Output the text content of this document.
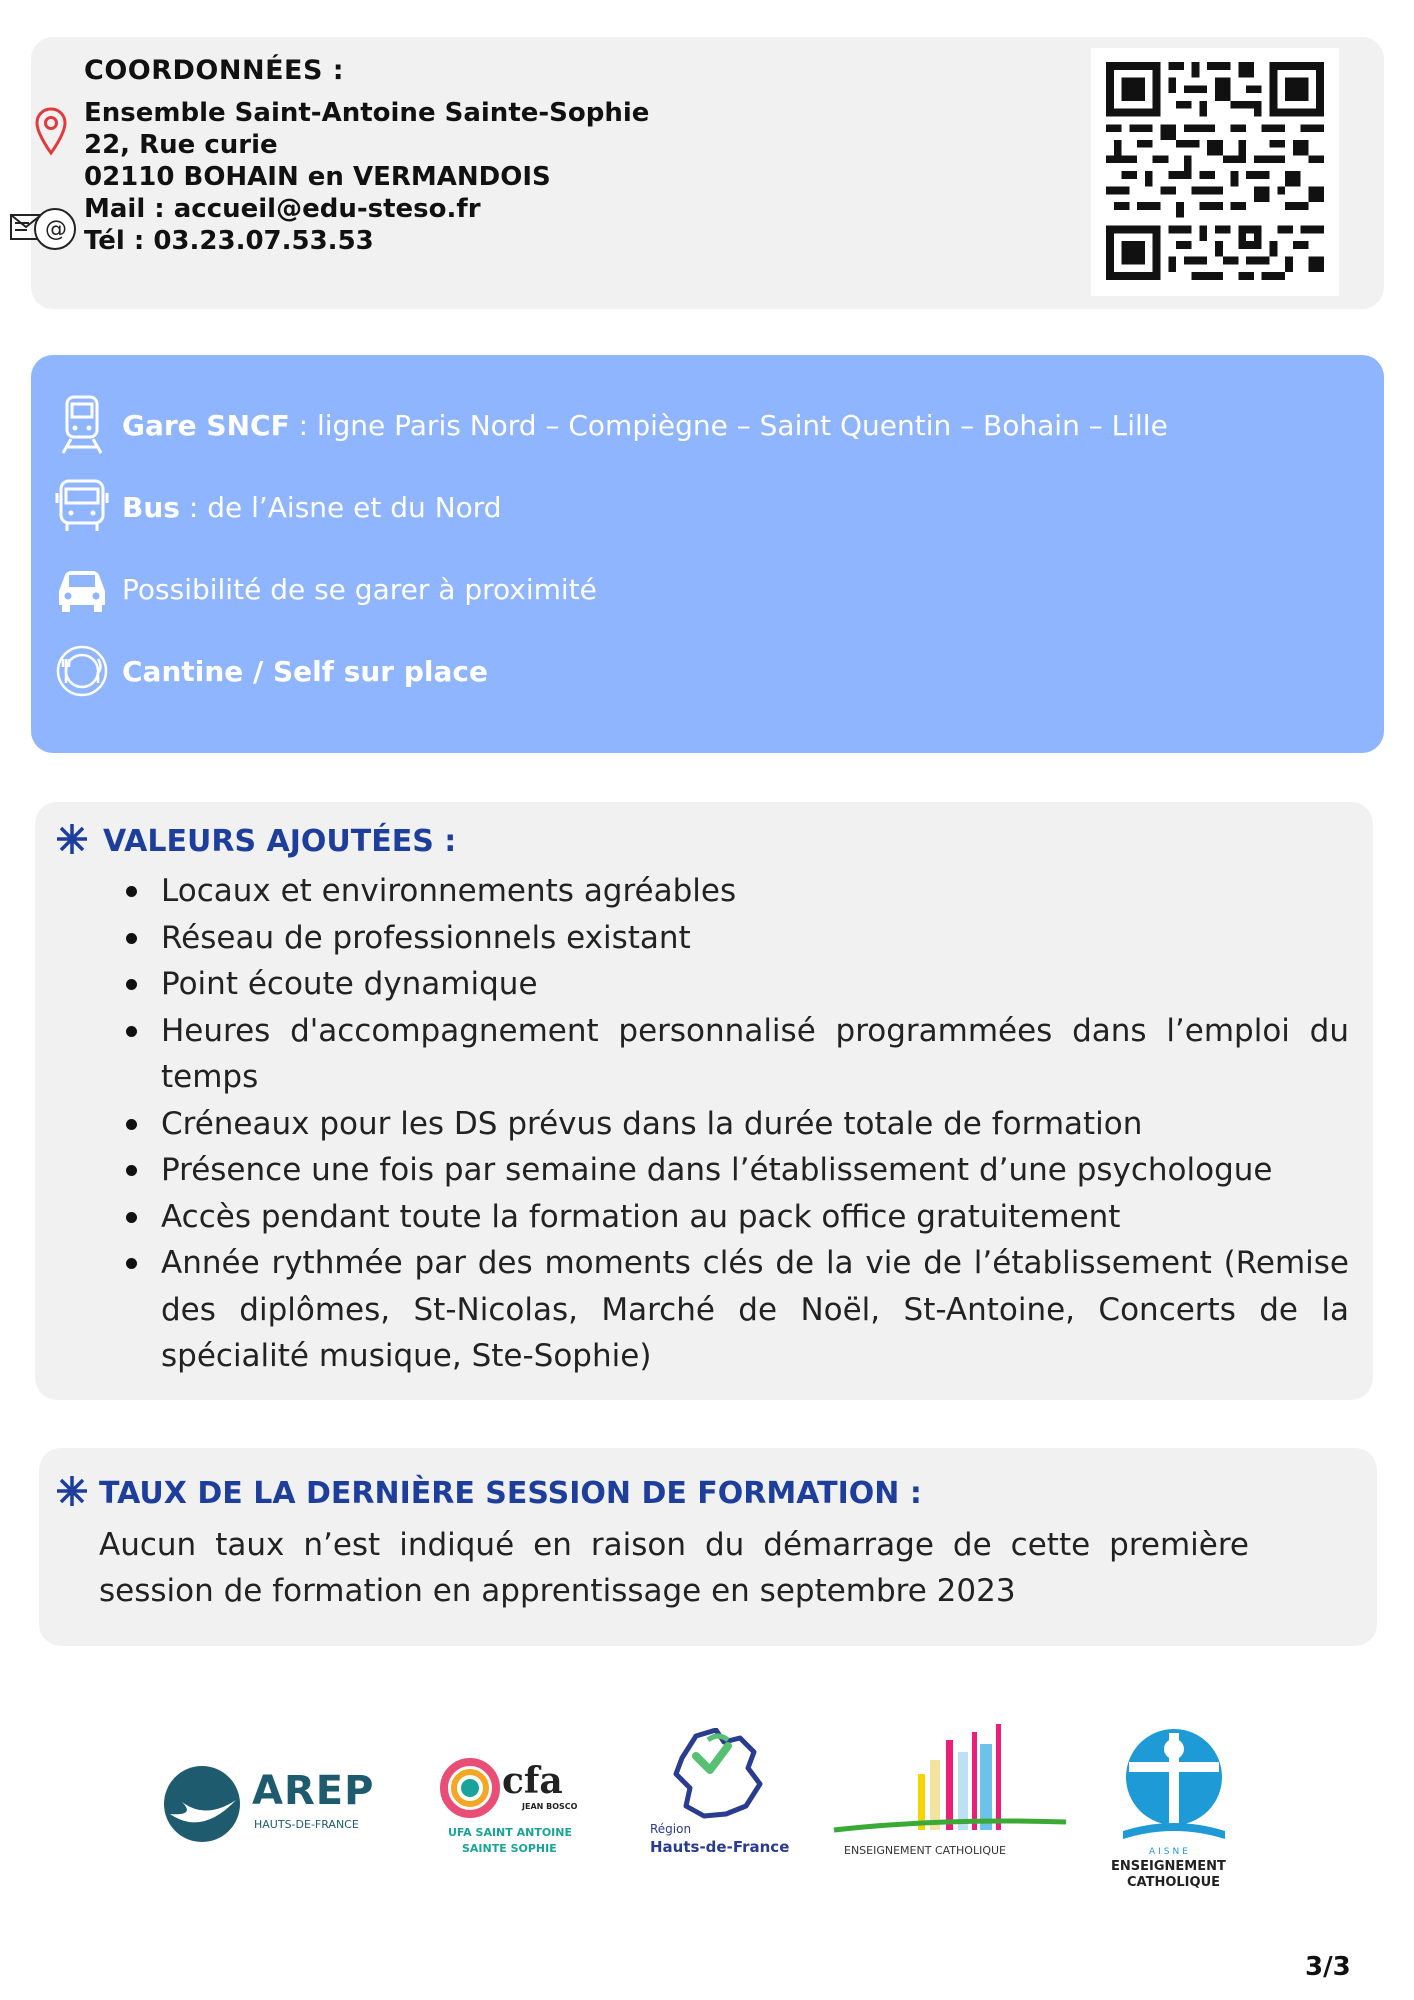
COORDONNÉES :
@
Ensemble Saint-Antoine Sainte-Sophie
22, Rue curie
02110 BOHAIN en VERMANDOIS
Mail : accueil@edu-steso.fr
Tél : 03.23.07.53.53
Gare SNCF : ligne Paris Nord – Compiègne – Saint Quentin – Bohain – Lille
Bus : de l’Aisne et du Nord
Possibilité de se garer à proximité
Cantine / Self sur place
VALEURS AJOUTÉES :
Locaux et environnements agréables
Réseau de professionnels existant
Point écoute dynamique
Heures d'accompagnement personnalisé programmées dans l’emploi du temps
Créneaux pour les DS prévus dans la durée totale de formation
Présence une fois par semaine dans l’établissement d’une psychologue
Accès pendant toute la formation au pack office gratuitement
Année rythmée par des moments clés de la vie de l’établissement (Remise des diplômes, St-Nicolas, Marché de Noël, St-Antoine, Concerts de la spécialité musique, Ste-Sophie)
TAUX DE LA DERNIÈRE SESSION DE FORMATION :
Aucun taux n’est indiqué en raison du démarrage de cette première session de formation en apprentissage en septembre 2023
AREP
HAUTS-DE-FRANCE
cfa
JEAN BOSCO
UFA SAINT ANTOINE
SAINTE SOPHIE
Région
Hauts-de-France	ENSEIGNEMENT CATHOLIQUE	AISNE
ENSEIGNEMENT
CATHOLIQUE
3/3
